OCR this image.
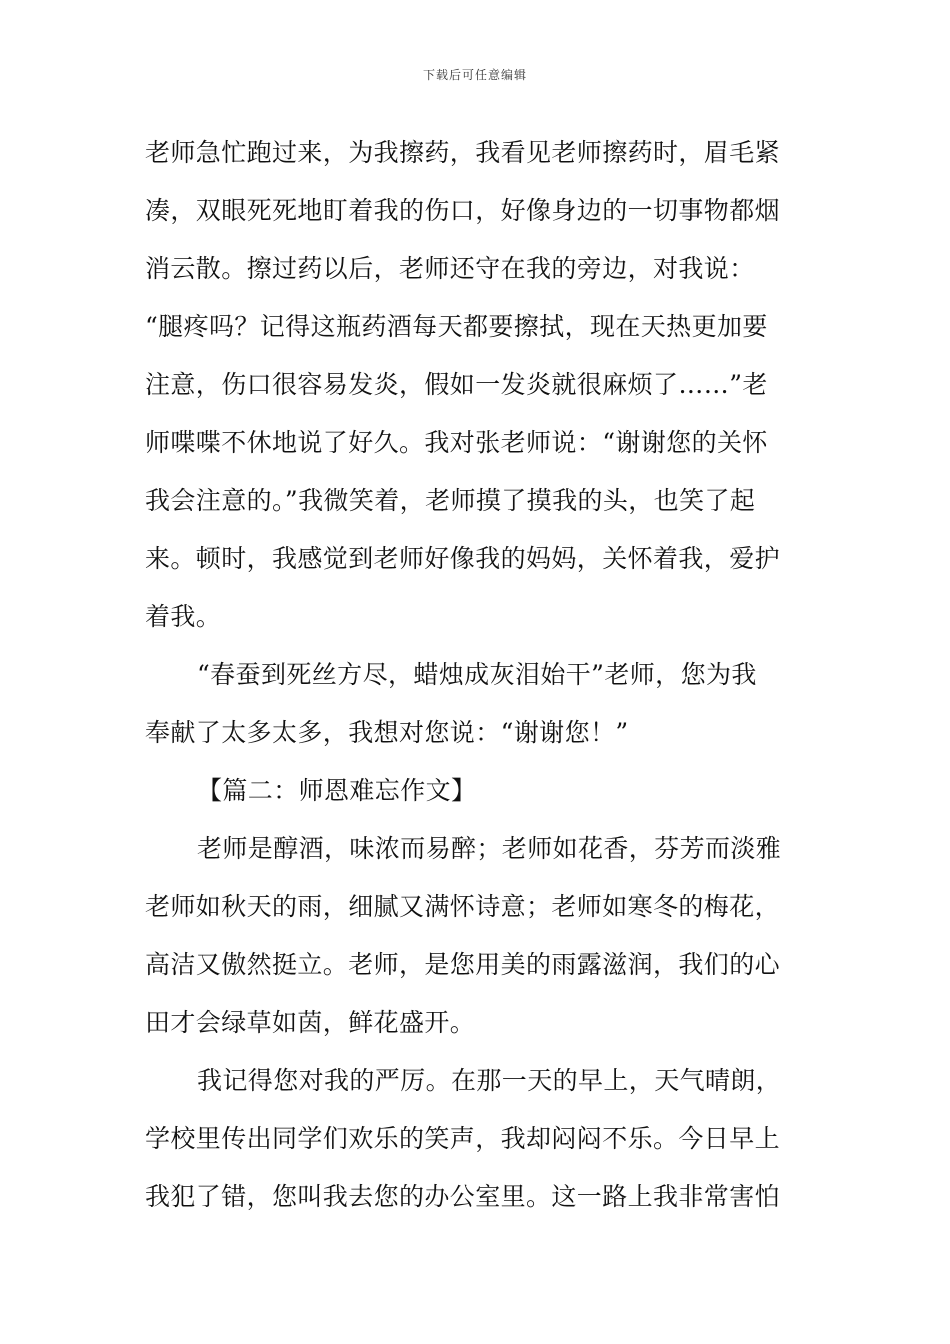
下载后可任意编辑
老师急忙跑过来，为我擦药，我看见老师擦药时，眉毛紧
凑，双眼死死地盯着我的伤口，好像身边的一切事物都烟
消云散。擦过药以后，老师还守在我的旁边，对我说：
“腿疼吗？记得这瓶药酒每天都要擦拭，现在天热更加要
注意，伤口很容易发炎，假如一发炎就很麻烦了……”老
师喋喋不休地说了好久。我对张老师说：“谢谢您的关怀
我会注意的。”我微笑着，老师摸了摸我的头，也笑了起
来。顿时，我感觉到老师好像我的妈妈，关怀着我，爱护
着我。
“春蚕到死丝方尽，蜡烛成灰泪始干”老师，您为我
奉献了太多太多，我想对您说：“谢谢您！”
【篇二：师恩难忘作文】
老师是醇酒，味浓而易醉；老师如花香，芬芳而淡雅
老师如秋天的雨，细腻又满怀诗意；老师如寒冬的梅花，
高洁又傲然挺立。老师，是您用美的雨露滋润，我们的心
田才会绿草如茵，鲜花盛开。
我记得您对我的严厉。在那一天的早上，天气晴朗，
学校里传出同学们欢乐的笑声，我却闷闷不乐。今日早上
我犯了错，您叫我去您的办公室里。这一路上我非常害怕
